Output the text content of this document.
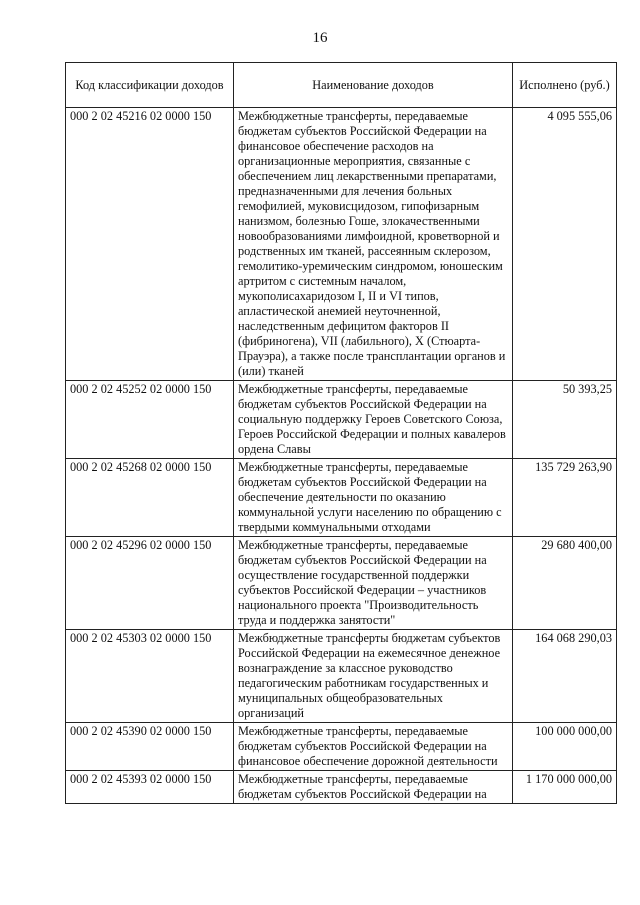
16
Код классификации доходов	Наименование доходов	Исполнено (руб.)
000 2 02 45216 02 0000 150	Межбюджетные трансферты, передаваемые бюджетам субъектов Российской Федерации на финансовое обеспечение расходов на организационные мероприятия, связанные с обеспечением лиц лекарственными препаратами, предназначенными для лечения больных гемофилией, муковисцидозом, гипофизарным нанизмом, болезнью Гоше, злокачественными новообразованиями лимфоидной, кроветворной и родственных им тканей, рассеянным склерозом, гемолитико-уремическим синдромом, юношеским артритом с системным началом, мукополисахаридозом I, II и VI типов, апластической анемией неуточненной, наследственным дефицитом факторов II (фибриногена), VII (лабильного), X (Стюарта-Прауэра), а также после трансплантации органов и (или) тканей	4 095 555,06
000 2 02 45252 02 0000 150	Межбюджетные трансферты, передаваемые бюджетам субъектов Российской Федерации на социальную поддержку Героев Советского Союза, Героев Российской Федерации и полных кавалеров ордена Славы	50 393,25
000 2 02 45268 02 0000 150	Межбюджетные трансферты, передаваемые бюджетам субъектов Российской Федерации на обеспечение деятельности по оказанию коммунальной услуги населению по обращению с твердыми коммунальными отходами	135 729 263,90
000 2 02 45296 02 0000 150	Межбюджетные трансферты, передаваемые бюджетам субъектов Российской Федерации на осуществление государственной поддержки субъектов Российской Федерации – участников национального проекта "Производительность труда и поддержка занятости"	29 680 400,00
000 2 02 45303 02 0000 150	Межбюджетные трансферты бюджетам субъектов Российской Федерации на ежемесячное денежное вознаграждение за классное руководство педагогическим работникам государственных и муниципальных общеобразовательных организаций	164 068 290,03
000 2 02 45390 02 0000 150	Межбюджетные трансферты, передаваемые бюджетам субъектов Российской Федерации на финансовое обеспечение дорожной деятельности	100 000 000,00
000 2 02 45393 02 0000 150	Межбюджетные трансферты, передаваемые бюджетам субъектов Российской Федерации на	1 170 000 000,00
